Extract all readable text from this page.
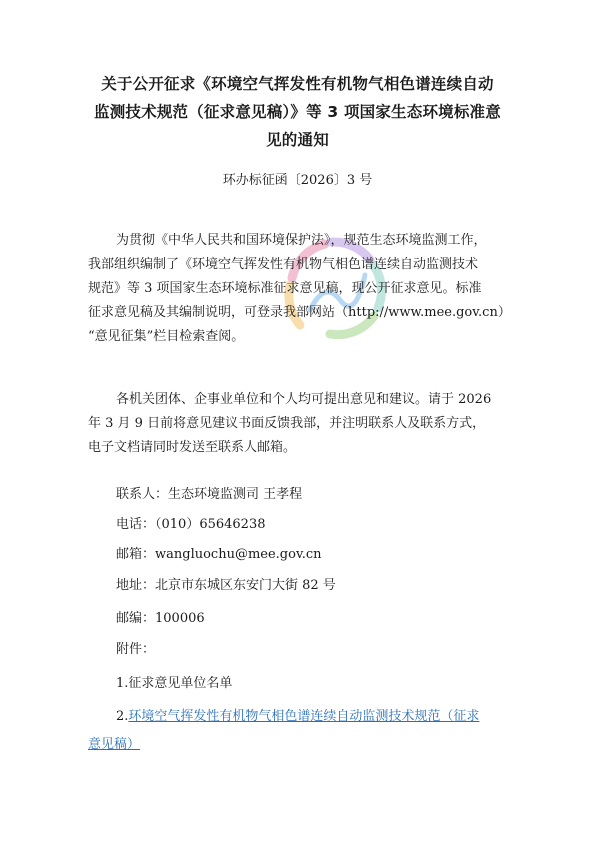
关于公开征求《环境空气挥发性有机物气相色谱连续自动
监测技术规范（征求意见稿）》等 3 项国家生态环境标准意
见的通知
环办标征函〔2026〕3 号

为贯彻《中华人民共和国环境保护法》，规范生态环境监测工作，

我部组织编制了《环境空气挥发性有机物气相色谱连续自动监测技术

规范》等 3 项国家生态环境标准征求意见稿，现公开征求意见。标准

征求意见稿及其编制说明，可登录我部网站（http://www.mee.gov.cn）

“意见征集”栏目检索查阅。

各机关团体、企事业单位和个人均可提出意见和建议。请于 2026

年 3 月 9 日前将意见建议书面反馈我部，并注明联系人及联系方式，

电子文档请同时发送至联系人邮箱。

联系人：生态环境监测司 王孝程
电话：（010）65646238
邮箱：wangluochu@mee.gov.cn
地址：北京市东城区东安门大街 82 号
邮编：100006
附件：
1.征求意见单位名单
2.环境空气挥发性有机物气相色谱连续自动监测技术规范（征求
意见稿）
